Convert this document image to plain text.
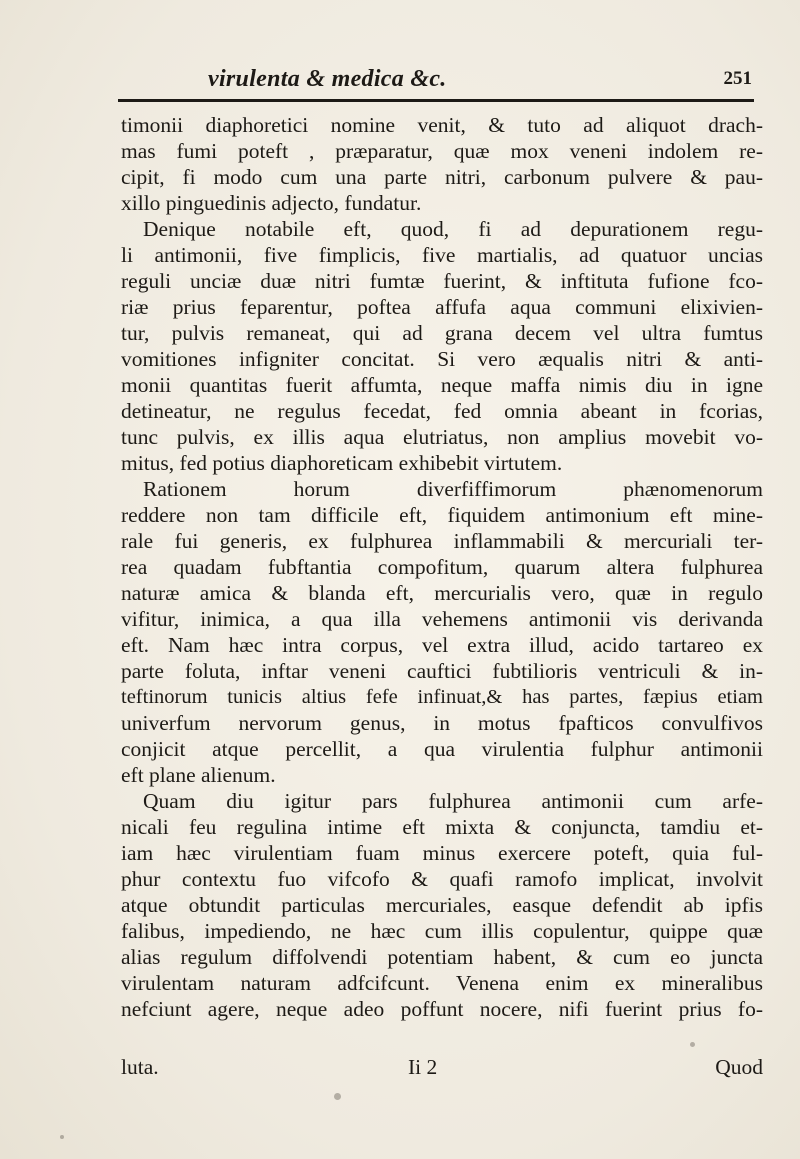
virulenta & medica &c.	251
timonii diaphoretici nomine venit, & tuto ad aliquot drach-
mas fumi poteft , præparatur, quæ mox veneni indolem re-
cipit, fi modo cum una parte nitri, carbonum pulvere & pau-
xillo pinguedinis adjecto, fundatur.
Denique notabile eft, quod, fi ad depurationem regu-
li antimonii, five fimplicis, five martialis, ad quatuor uncias
reguli unciæ duæ nitri fumtæ fuerint, & inftituta fufione fco-
riæ prius feparentur, poftea affufa aqua communi elixivien-
tur, pulvis remaneat, qui ad grana decem vel ultra fumtus
vomitiones infigniter concitat. Si vero æqualis nitri & anti-
monii quantitas fuerit affumta, neque maffa nimis diu in igne
detineatur, ne regulus fecedat, fed omnia abeant in fcorias,
tunc pulvis, ex illis aqua elutriatus, non amplius movebit vo-
mitus, fed potius diaphoreticam exhibebit virtutem.
Rationem horum diverfiffimorum phænomenorum
reddere non tam difficile eft, fiquidem antimonium eft mine-
rale fui generis, ex fulphurea inflammabili & mercuriali ter-
rea quadam fubftantia compofitum, quarum altera fulphurea
naturæ amica & blanda eft, mercurialis vero, quæ in regulo
vifitur, inimica, a qua illa vehemens antimonii vis derivanda
eft. Nam hæc intra corpus, vel extra illud, acido tartareo ex
parte foluta, inftar veneni cauftici fubtilioris ventriculi & in-
teftinorum tunicis altius fefe infinuat,& has partes, fæpius etiam
univerfum nervorum genus, in motus fpafticos convulfivos
conjicit atque percellit, a qua virulentia fulphur antimonii
eft plane alienum.
Quam diu igitur pars fulphurea antimonii cum arfe-
nicali feu regulina intime eft mixta & conjuncta, tamdiu et-
iam hæc virulentiam fuam minus exercere poteft, quia ful-
phur contextu fuo vifcofo & quafi ramofo implicat, involvit
atque obtundit particulas mercuriales, easque defendit ab ipfis
falibus, impediendo, ne hæc cum illis copulentur, quippe quæ
alias regulum diffolvendi potentiam habent, & cum eo juncta
virulentam naturam adfcifcunt. Venena enim ex mineralibus
nefciunt agere, neque adeo poffunt nocere, nifi fuerint prius fo-
luta.	Ii 2	Quod
